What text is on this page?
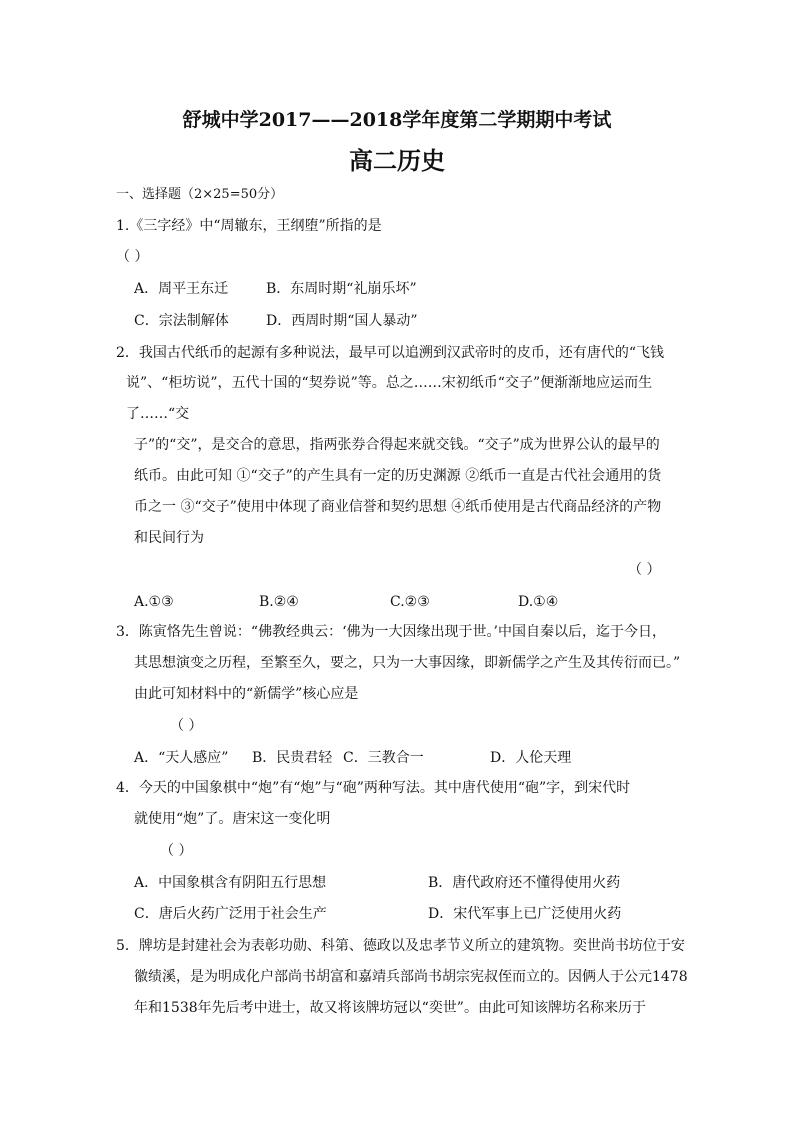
舒城中学2017——2018学年度第二学期期中考试
高二历史
一、选择题（2×25=50分）
1.《三字经》中“周辙东，王纲堕”所指的是
（ ）
A．周平王东迁	B．东周时期“礼崩乐坏”
C．宗法制解体	D．西周时期“国人暴动”
2．我国古代纸币的起源有多种说法，最早可以追溯到汉武帝时的皮币，还有唐代的“飞钱
说”、“柜坊说”，五代十国的“契券说”等。总之……宋初纸币“交子”便渐渐地应运而生
了……“交
子”的“交”，是交合的意思，指两张券合得起来就交钱。“交子”成为世界公认的最早的
纸币。由此可知 ①“交子”的产生具有一定的历史渊源 ②纸币一直是古代社会通用的货
币之一 ③“交子”使用中体现了商业信誉和契约思想 ④纸币使用是古代商品经济的产物
和民间行为
（ ）
A.①③	B.②④	C.②③	D.①④
3．陈寅恪先生曾说：“佛教经典云：‘佛为一大因缘出现于世。’中国自秦以后，迄于今日，
其思想演变之历程，至繁至久，要之，只为一大事因缘，即新儒学之产生及其传衍而已。”
由此可知材料中的“新儒学”核心应是
（ ）
A．“天人感应” B．民贵君轻 C．三教合一	D．人伦天理
4．今天的中国象棋中“炮”有“炮”与“砲”两种写法。其中唐代使用“砲”字，到宋代时
就使用“炮”了。唐宋这一变化明
（ ）
A．中国象棋含有阴阳五行思想	B．唐代政府还不懂得使用火药
C．唐后火药广泛用于社会生产	D．宋代军事上已广泛使用火药
5．牌坊是封建社会为表彰功勋、科第、德政以及忠孝节义所立的建筑物。奕世尚书坊位于安
徽绩溪，是为明成化户部尚书胡富和嘉靖兵部尚书胡宗宪叔侄而立的。因俩人于公元1478
年和1538年先后考中进士，故又将该牌坊冠以“奕世”。由此可知该牌坊名称来历于
